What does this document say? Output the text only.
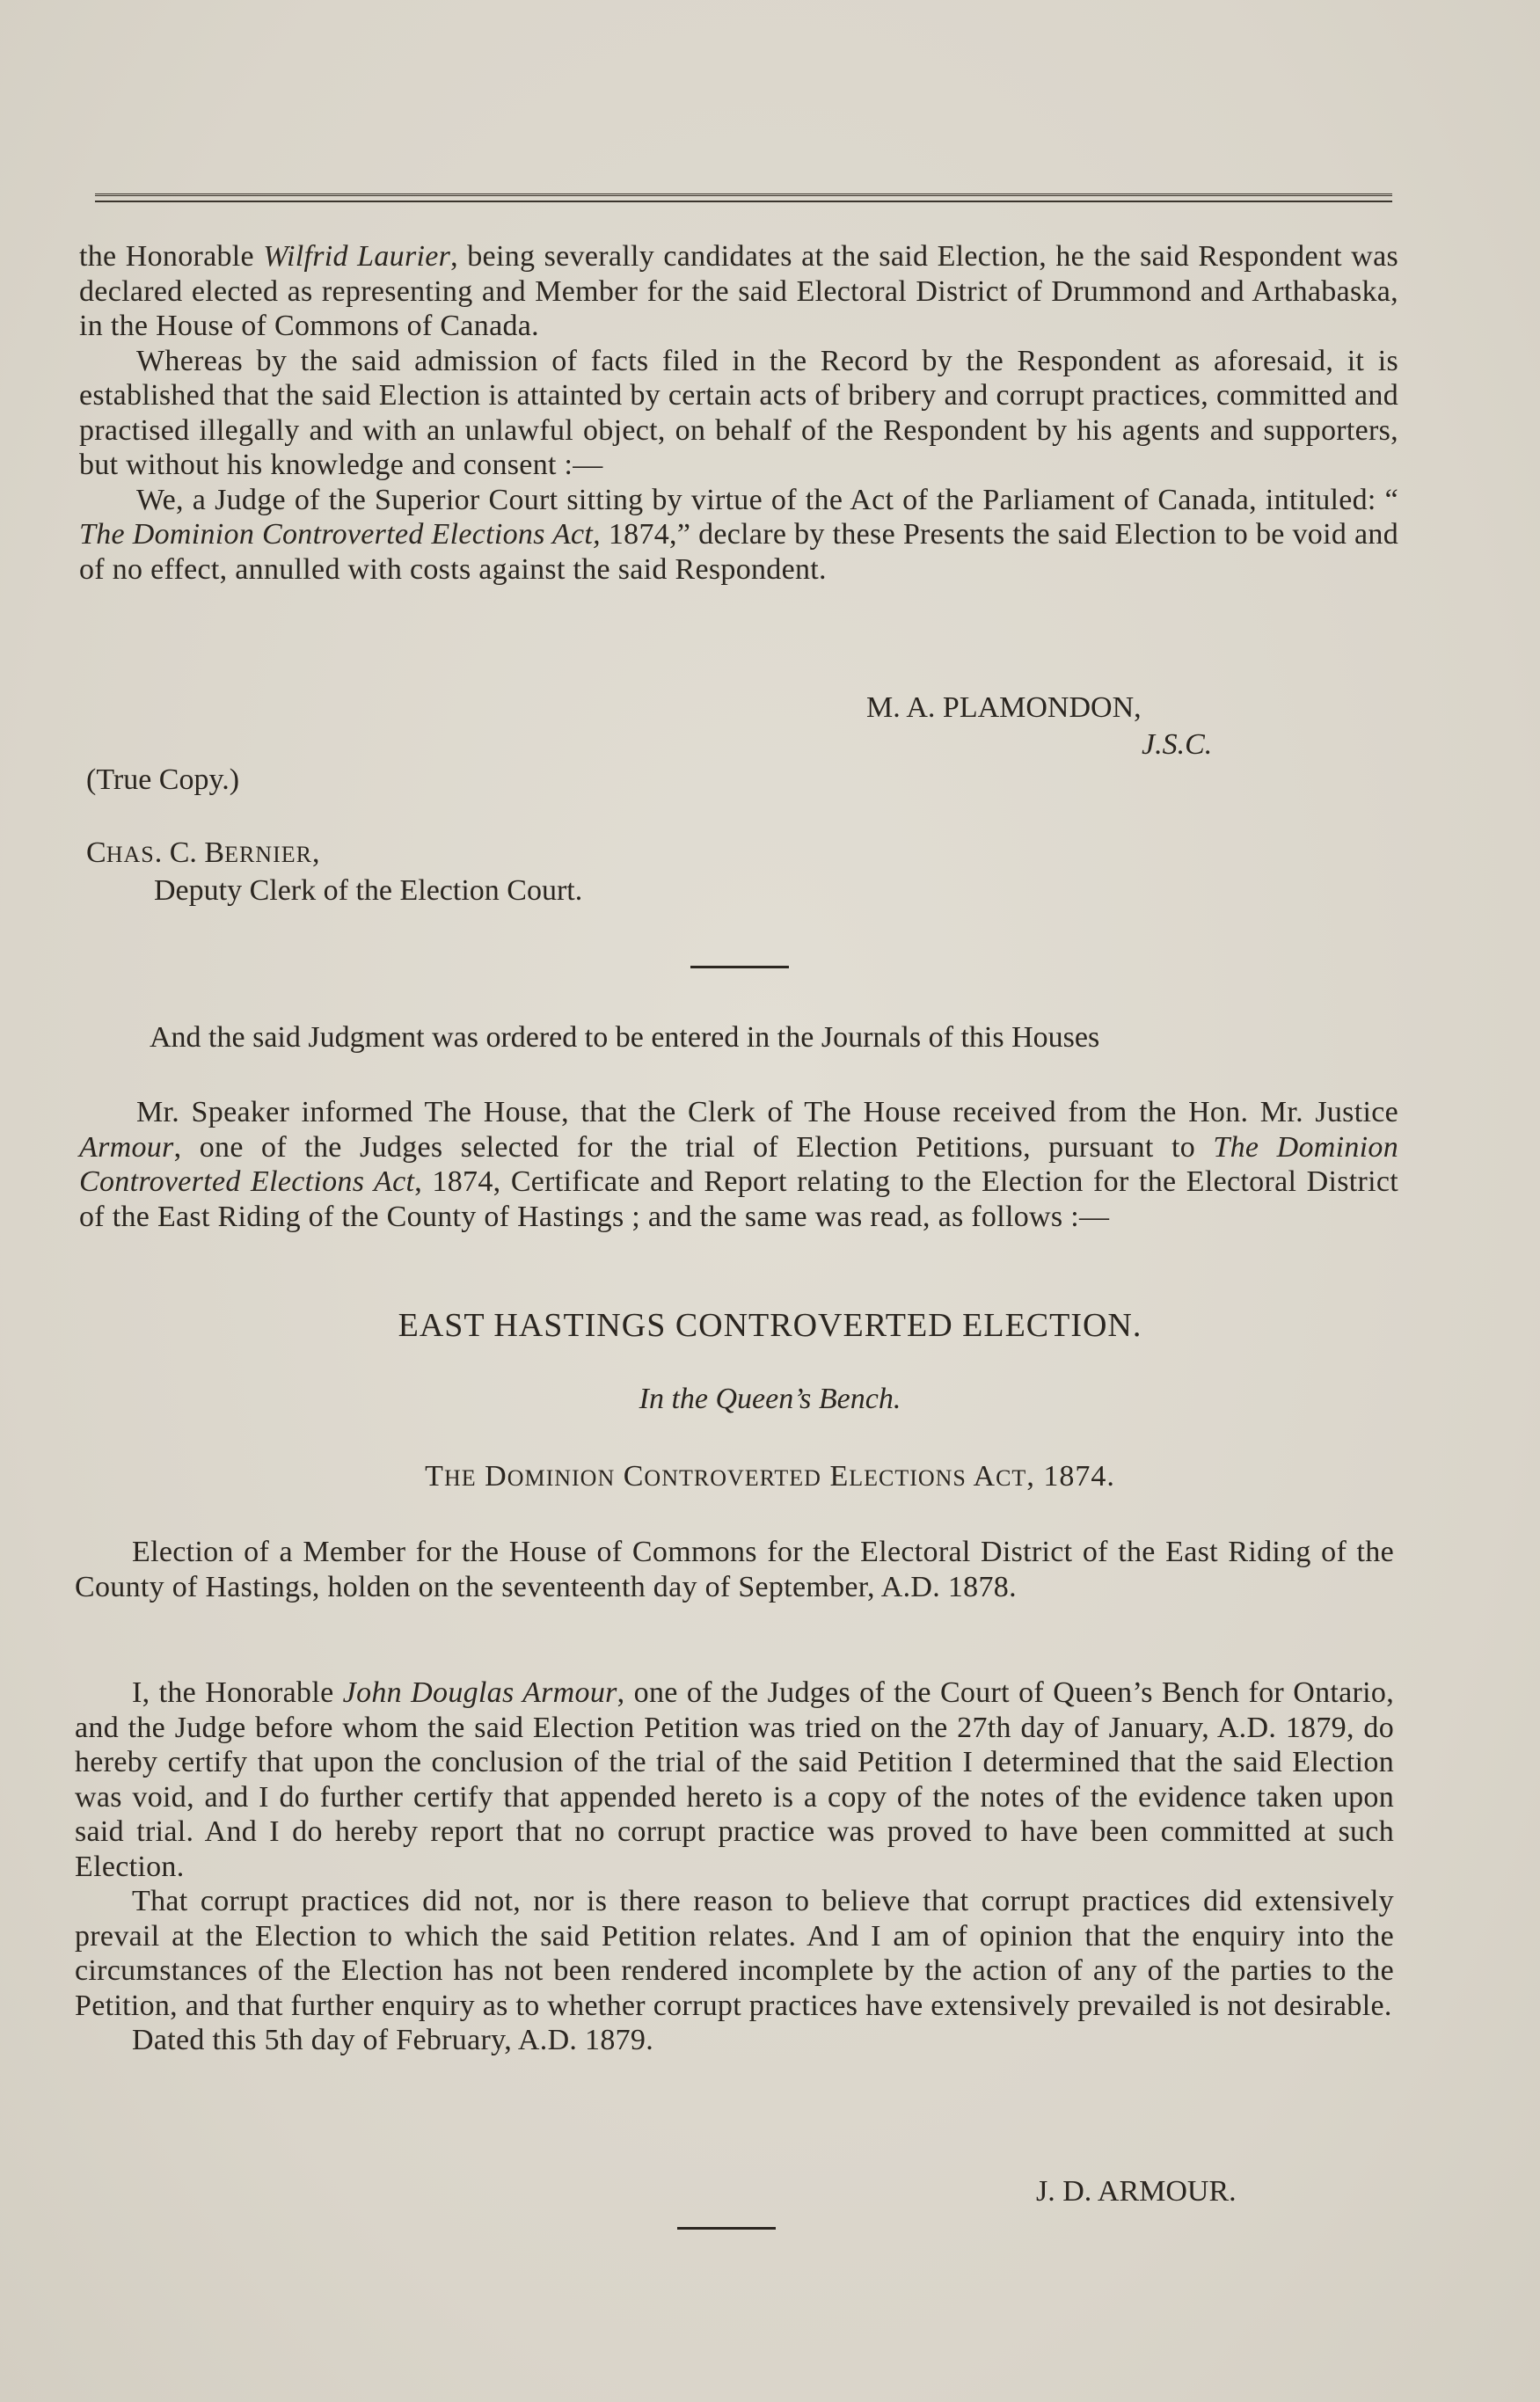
the Honorable Wilfrid Laurier, being severally candidates at the said Election, he the said Respondent was declared elected as representing and Member for the said Electoral District of Drummond and Arthabaska, in the House of Commons of Canada.

Whereas by the said admission of facts filed in the Record by the Respondent as aforesaid, it is established that the said Election is attainted by certain acts of bribery and corrupt practices, committed and practised illegally and with an unlawful object, on behalf of the Respondent by his agents and supporters, but without his knowledge and consent :—

We, a Judge of the Superior Court sitting by virtue of the Act of the Parliament of Canada, intituled: “ The Dominion Controverted Elections Act, 1874,” declare by these Presents the said Election to be void and of no effect, annulled with costs against the said Respondent.

M. A. PLAMONDON,
J.S.C.
(True Copy.)
CHAS. C. BERNIER,
Deputy Clerk of the Election Court.
And the said Judgment was ordered to be entered in the Journals of this Houses

Mr. Speaker informed The House, that the Clerk of The House received from the Hon. Mr. Justice Armour, one of the Judges selected for the trial of Election Petitions, pursuant to The Dominion Controverted Elections Act, 1874, Certificate and Report relating to the Election for the Electoral District of the East Riding of the County of Hastings ; and the same was read, as follows :—

EAST HASTINGS CONTROVERTED ELECTION.
In the Queen’s Bench.
THE DOMINION CONTROVERTED ELECTIONS ACT, 1874.

Election of a Member for the House of Commons for the Electoral District of the East Riding of the County of Hastings, holden on the seventeenth day of September, A.D. 1878.

I, the Honorable John Douglas Armour, one of the Judges of the Court of Queen’s Bench for Ontario, and the Judge before whom the said Election Petition was tried on the 27th day of January, A.D. 1879, do hereby certify that upon the conclusion of the trial of the said Petition I determined that the said Election was void, and I do further certify that appended hereto is a copy of the notes of the evidence taken upon said trial. And I do hereby report that no corrupt practice was proved to have been committed at such Election.

That corrupt practices did not, nor is there reason to believe that corrupt practices did extensively prevail at the Election to which the said Petition relates. And I am of opinion that the enquiry into the circumstances of the Election has not been rendered incomplete by the action of any of the parties to the Petition, and that further enquiry as to whether corrupt practices have extensively prevailed is not desirable.

Dated this 5th day of February, A.D. 1879.

J. D. ARMOUR.
